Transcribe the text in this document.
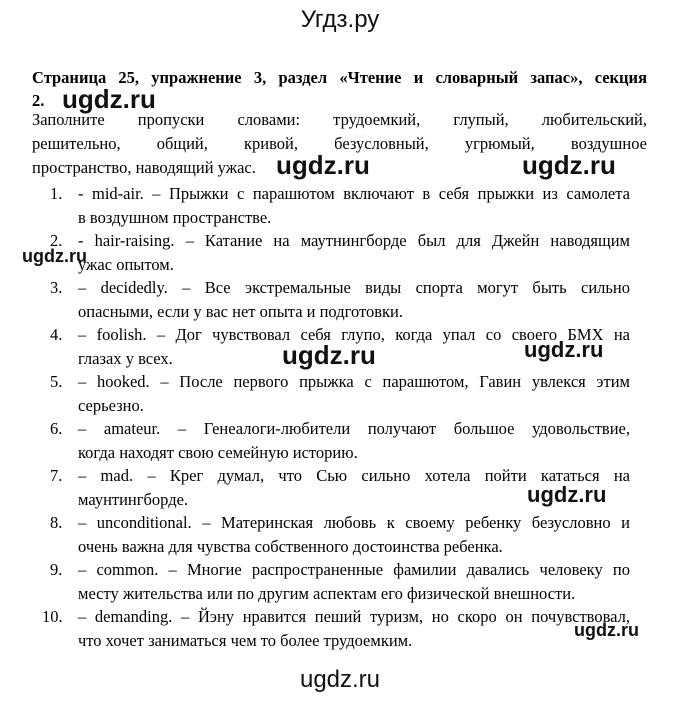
Угдз.ру
Страница 25, упражнение 3, раздел «Чтение и словарный запас», секция
2.
Заполните пропуски словами: трудоемкий, глупый, любительский,
решительно, общий, кривой, безусловный, угрюмый, воздушное
пространство, наводящий ужас.
1. - mid-air. – Прыжки с парашютом включают в себя прыжки из самолета
в воздушном пространстве.
2. - hair-raising. – Катание на маутнингборде был для Джейн наводящим
ужас опытом.
3. – decidedly. – Все экстремальные виды спорта могут быть сильно
опасными, если у вас нет опыта и подготовки.
4. – foolish. – Дог чувствовал себя глупо, когда упал со своего БМХ на
глазах у всех.
5. – hooked. – После первого прыжка с парашютом, Гавин увлекся этим
серьезно.
6. – amateur. – Генеалоги-любители получают большое удовольствие,
когда находят свою семейную историю.
7. – mad. – Крег думал, что Сью сильно хотела пойти кататься на
маунтингборде.
8. – unconditional. – Материнская любовь к своему ребенку безусловно и
очень важна для чувства собственного достоинства ребенка.
9. – common. – Многие распространенные фамилии давались человеку по
месту жительства или по другим аспектам его физической внешности.
10. – demanding. – Йэну нравится пеший туризм, но скоро он почувствовал,
что хочет заниматься чем то более трудоемким.
ugdz.ru
ugdz.ru	ugdz.ru
ugdz.ru
ugdz.ru	ugdz.ru
ugdz.ru
ugdz.ru
ugdz.ru
